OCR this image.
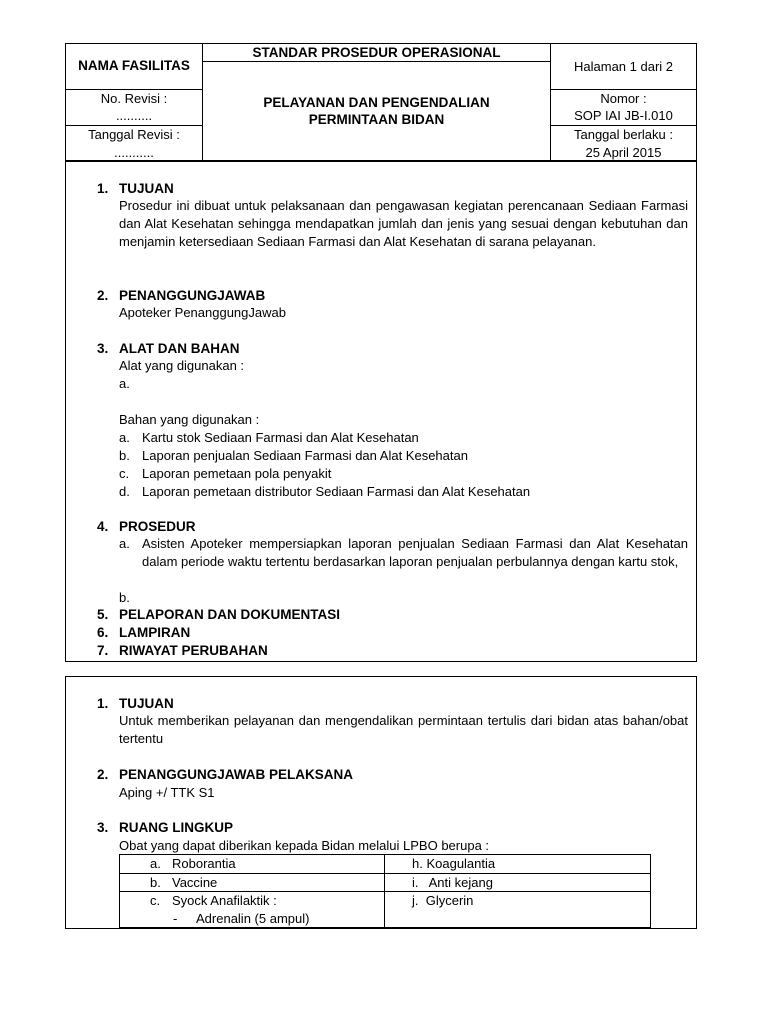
NAMA FASILITAS
STANDAR PROSEDUR OPERASIONAL
Halaman 1 dari 2
No. Revisi :
..........
PELAYANAN DAN PENGENDALIAN
PERMINTAAN BIDAN
Nomor :
SOP IAI JB-I.010
Tanggal Revisi :
...........
Tanggal berlaku :
25 April 2015
1. TUJUAN
Prosedur ini dibuat untuk pelaksanaan dan pengawasan kegiatan perencanaan Sediaan Farmasi dan Alat Kesehatan sehingga mendapatkan jumlah dan jenis yang sesuai dengan kebutuhan dan menjamin ketersediaan Sediaan Farmasi dan Alat Kesehatan di sarana pelayanan.
2. PENANGGUNGJAWAB
Apoteker PenanggungJawab
3. ALAT DAN BAHAN
Alat yang digunakan :
a.
Bahan yang digunakan :
a. Kartu stok Sediaan Farmasi dan Alat Kesehatan
b. Laporan penjualan Sediaan Farmasi dan Alat Kesehatan
c. Laporan pemetaan pola penyakit
d. Laporan pemetaan distributor Sediaan Farmasi dan Alat Kesehatan
4. PROSEDUR
a. Asisten Apoteker mempersiapkan laporan penjualan Sediaan Farmasi dan Alat Kesehatan dalam periode waktu tertentu berdasarkan laporan penjualan perbulannya dengan kartu stok,
b.
5. PELAPORAN DAN DOKUMENTASI
6. LAMPIRAN
7. RIWAYAT PERUBAHAN
1. TUJUAN
Untuk memberikan pelayanan dan mengendalikan permintaan tertulis dari bidan atas bahan/obat tertentu
2. PENANGGUNGJAWAB PELAKSANA
Aping +/ TTK S1
3. RUANG LINGKUP
Obat yang dapat diberikan kepada Bidan melalui LPBO berupa :
a. Roborantia	h. Koagulantia
b. Vaccine	i.   Anti kejang
c. Syock Anafilaktik :
- Adrenalin (5 ampul)
j.  Glycerin
